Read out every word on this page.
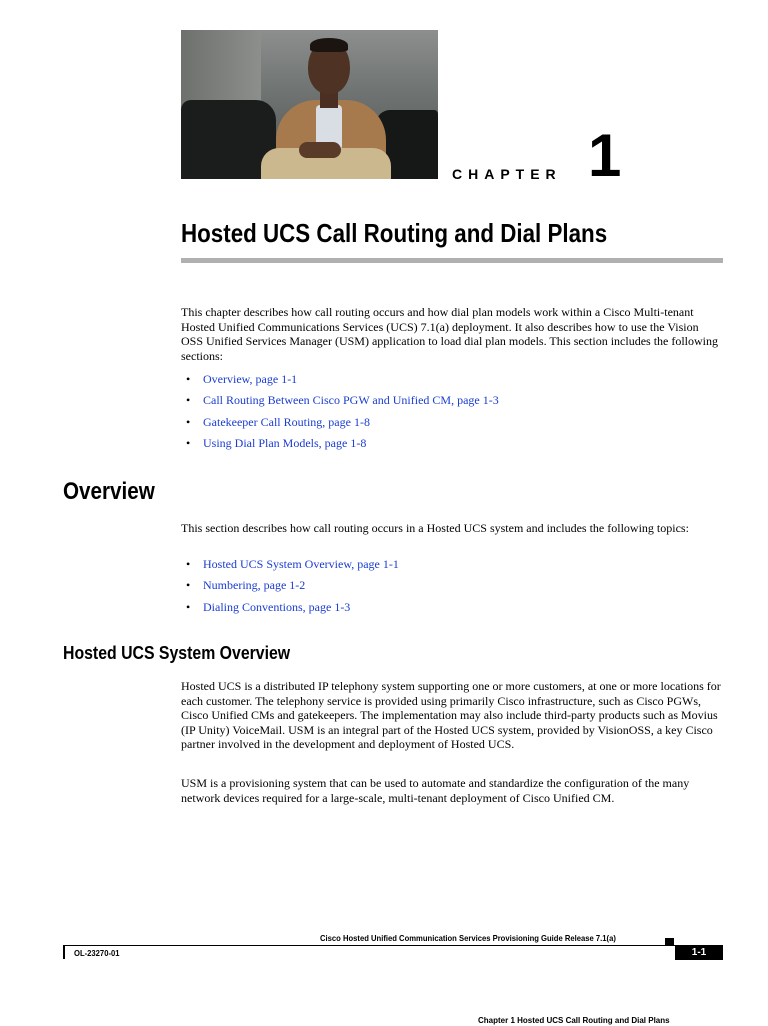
CHAPTER 1
Hosted UCS Call Routing and Dial Plans

This chapter describes how call routing occurs and how dial plan models work within a Cisco Multi-tenant Hosted Unified Communications Services (UCS) 7.1(a) deployment. It also describes how to use the Vision OSS Unified Services Manager (USM) application to load dial plan models. This section includes the following sections:

• Overview, page 1-1
• Call Routing Between Cisco PGW and Unified CM, page 1-3
• Gatekeeper Call Routing, page 1-8
• Using Dial Plan Models, page 1-8
Overview

This section describes how call routing occurs in a Hosted UCS system and includes the following topics:

• Hosted UCS System Overview, page 1-1
• Numbering, page 1-2
• Dialing Conventions, page 1-3
Hosted UCS System Overview

Hosted UCS is a distributed IP telephony system supporting one or more customers, at one or more locations for each customer. The telephony service is provided using primarily Cisco infrastructure, such as Cisco PGWs, Cisco Unified CMs and gatekeepers. The implementation may also include third-party products such as Movius (IP Unity) VoiceMail. USM is an integral part of the Hosted UCS system, provided by VisionOSS, a key Cisco partner involved in the development and deployment of Hosted UCS.

USM is a provisioning system that can be used to automate and standardize the configuration of the many network devices required for a large-scale, multi-tenant deployment of Cisco Unified CM.

Cisco Hosted Unified Communication Services Provisioning Guide Release 7.1(a)
OL-23270-01	1-1
Chapter 1 Hosted UCS Call Routing and Dial Plans
